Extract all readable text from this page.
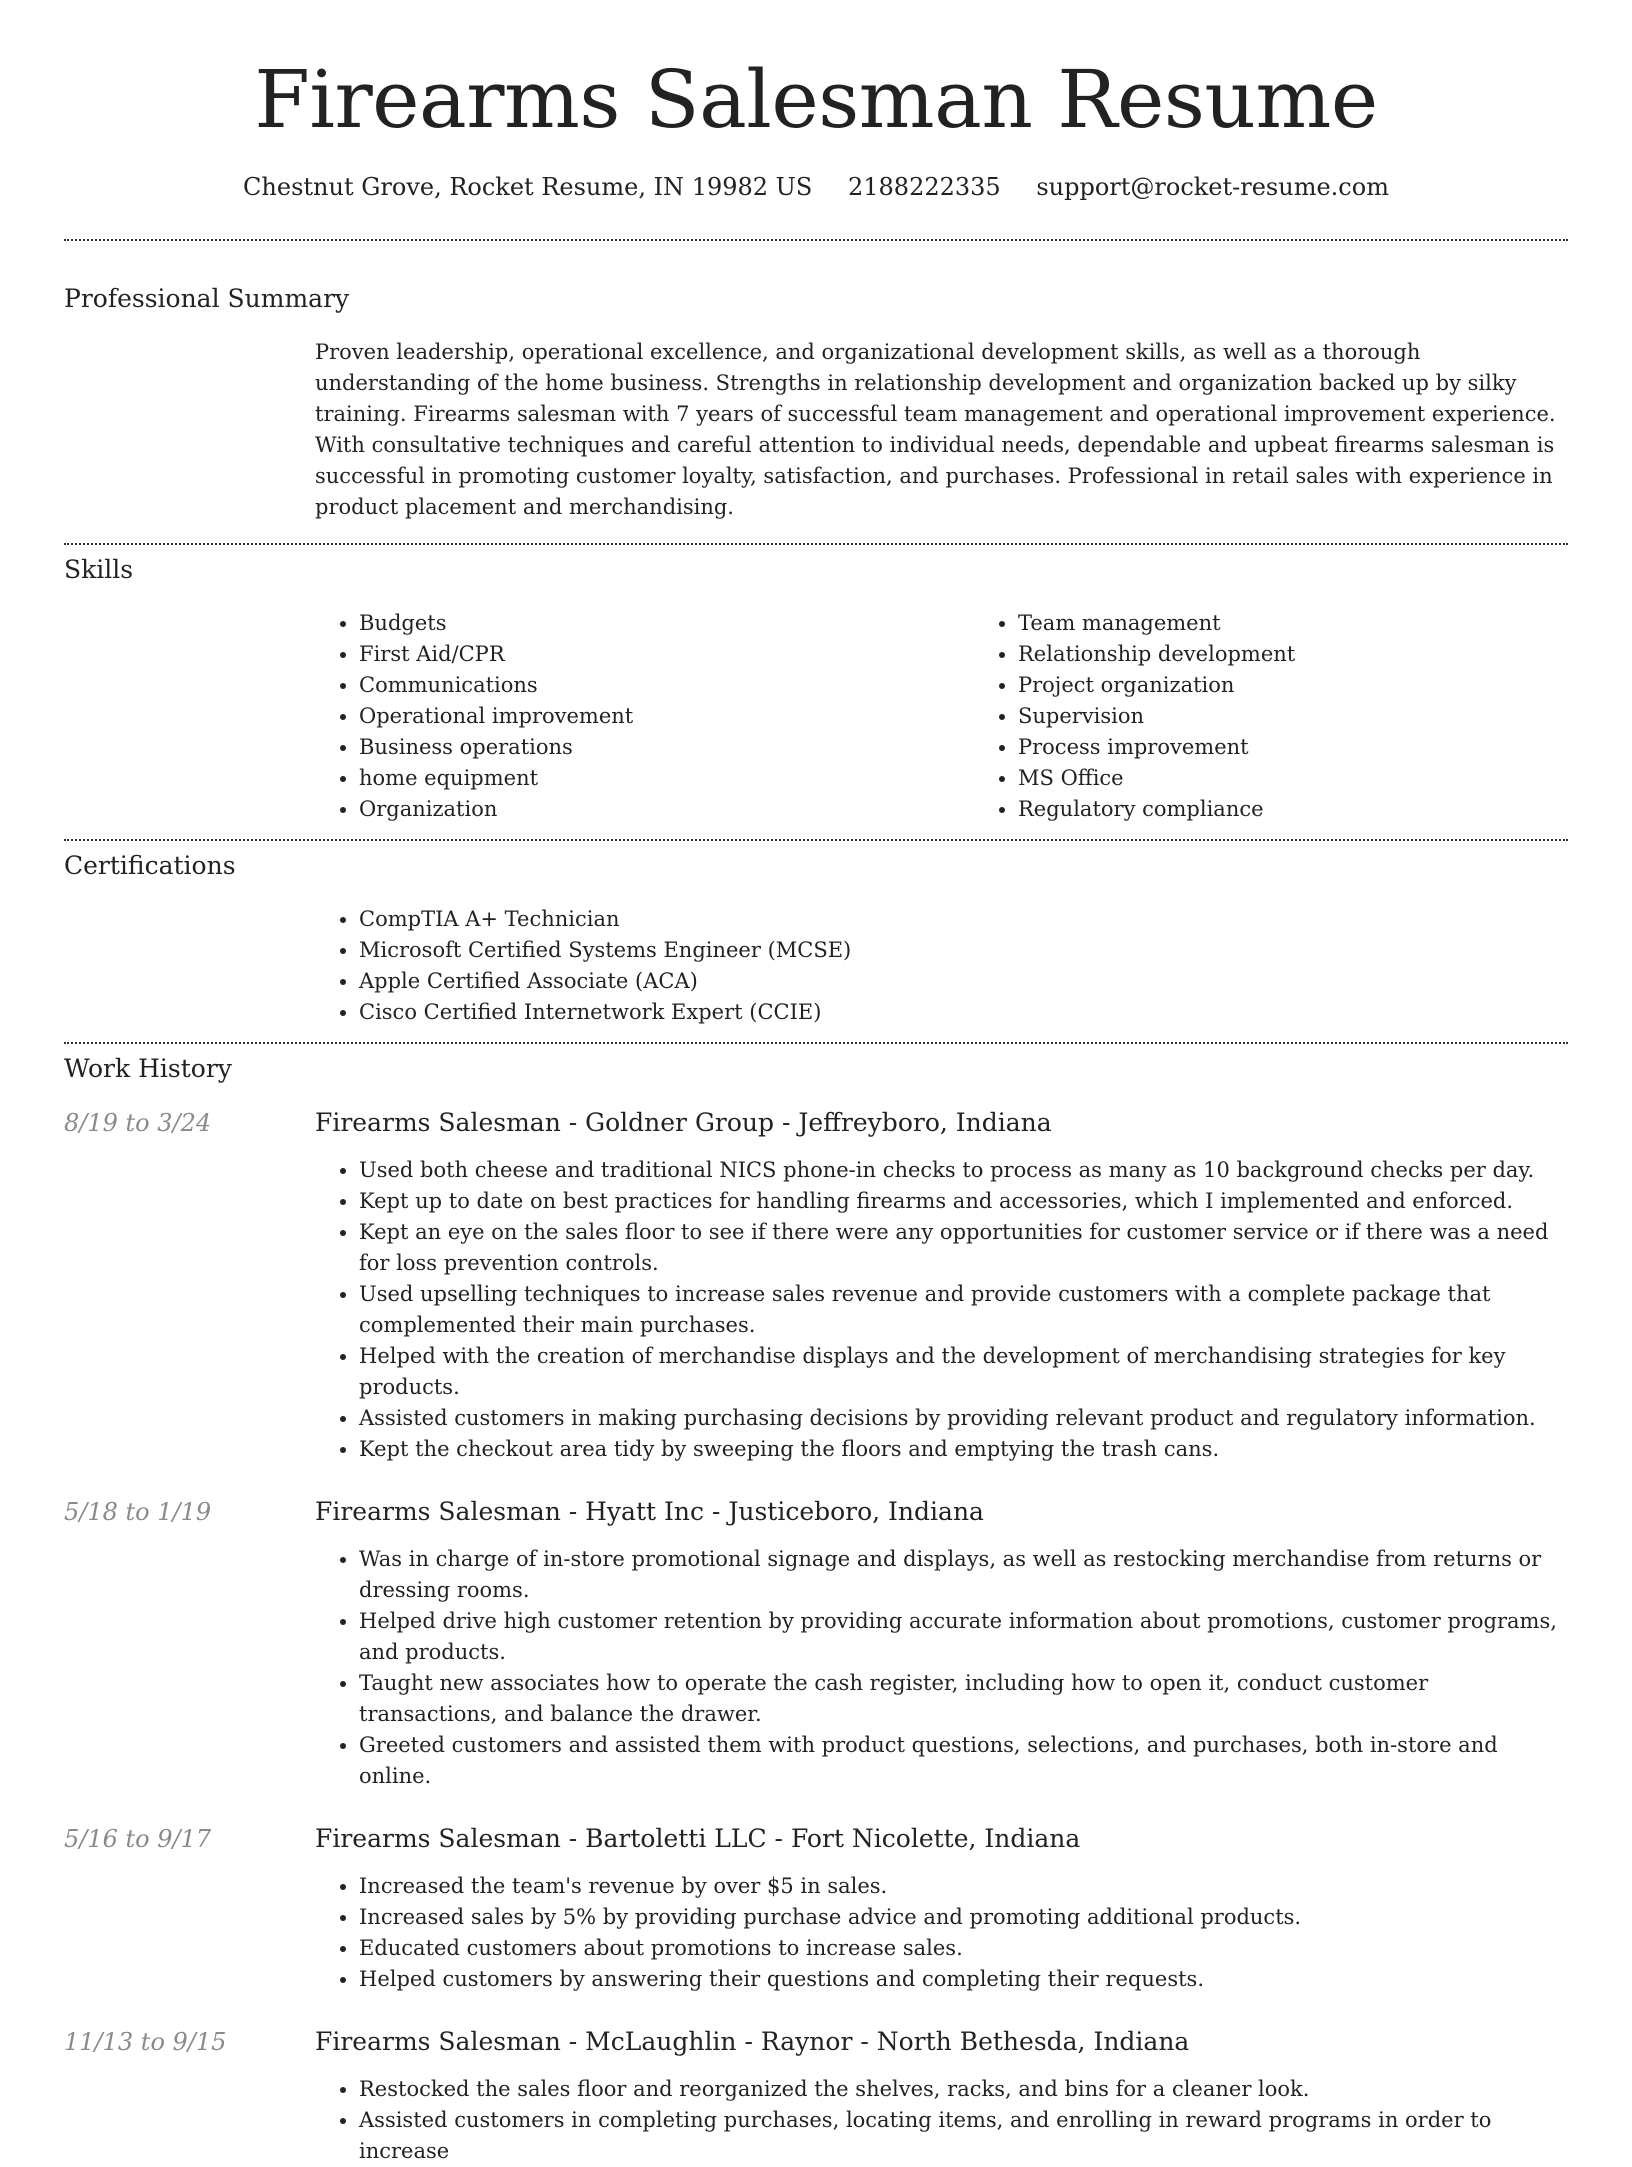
Firearms Salesman Resume
Chestnut Grove, Rocket Resume, IN 19982 US 2188222335 support@rocket-resume.com
Professional Summary

Proven leadership, operational excellence, and organizational development skills, as well as a thorough understanding of the home business. Strengths in relationship development and organization backed up by silky training. Firearms salesman with 7 years of successful team management and operational improvement experience. With consultative techniques and careful attention to individual needs, dependable and upbeat firearms salesman is successful in promoting customer loyalty, satisfaction, and purchases. Professional in retail sales with experience in product placement and merchandising.

Skills
• Budgets
• First Aid/CPR
• Communications
• Operational improvement
• Business operations
• home equipment
• Organization
• Team management
• Relationship development
• Project organization
• Supervision
• Process improvement
• MS Office
• Regulatory compliance
Certifications
• CompTIA A+ Technician
• Microsoft Certified Systems Engineer (MCSE)
• Apple Certified Associate (ACA)
• Cisco Certified Internetwork Expert (CCIE)
Work History
8/19 to 3/24	Firearms Salesman - Goldner Group - Jeffreyboro, Indiana
• Used both cheese and traditional NICS phone-in checks to process as many as 10 background checks per day.
• Kept up to date on best practices for handling firearms and accessories, which I implemented and enforced.
• Kept an eye on the sales floor to see if there were any opportunities for customer service or if there was a need for loss prevention controls.
• Used upselling techniques to increase sales revenue and provide customers with a complete package that complemented their main purchases.
• Helped with the creation of merchandise displays and the development of merchandising strategies for key products.
• Assisted customers in making purchasing decisions by providing relevant product and regulatory information.
• Kept the checkout area tidy by sweeping the floors and emptying the trash cans.
5/18 to 1/19	Firearms Salesman - Hyatt Inc - Justiceboro, Indiana
• Was in charge of in-store promotional signage and displays, as well as restocking merchandise from returns or dressing rooms.
• Helped drive high customer retention by providing accurate information about promotions, customer programs, and products.
• Taught new associates how to operate the cash register, including how to open it, conduct customer transactions, and balance the drawer.
• Greeted customers and assisted them with product questions, selections, and purchases, both in-store and online.
5/16 to 9/17	Firearms Salesman - Bartoletti LLC - Fort Nicolette, Indiana
• Increased the team's revenue by over $5 in sales.
• Increased sales by 5% by providing purchase advice and promoting additional products.
• Educated customers about promotions to increase sales.
• Helped customers by answering their questions and completing their requests.
11/13 to 9/15	Firearms Salesman - McLaughlin - Raynor - North Bethesda, Indiana
• Restocked the sales floor and reorganized the shelves, racks, and bins for a cleaner look.
• Assisted customers in completing purchases, locating items, and enrolling in reward programs in order to increase
